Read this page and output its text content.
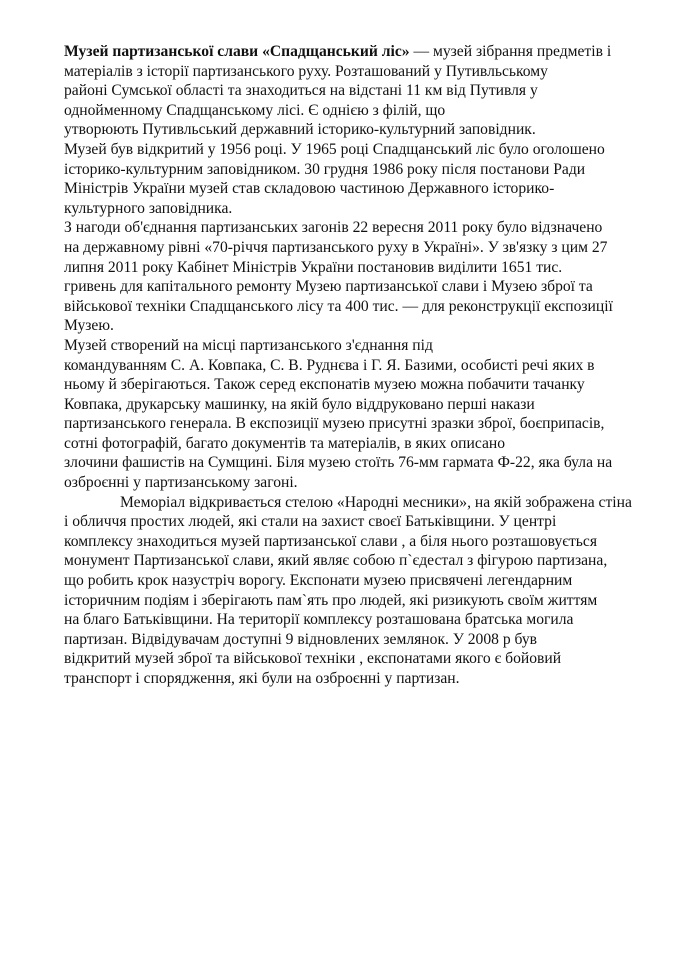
Музей партизанської слави «Спадщанський ліс» — музей зібрання предметів і
матеріалів з історії партизанського руху. Розташований у Путивльському
районі Сумської області та знаходиться на відстані 11 км від Путивля у
однойменному Спадщанському лісі. Є однією з філій, що
утворюють Путивльський державний історико-культурний заповідник.
Музей був відкритий у 1956 році. У 1965 році Спадщанський ліс було оголошено
історико-культурним заповідником. 30 грудня 1986 року після постанови Ради
Міністрів України музей став складовою частиною Державного історико-
культурного заповідника.
З нагоди об'єднання партизанських загонів 22 вересня 2011 року було відзначено
на державному рівні «70-річчя партизанського руху в Україні». У зв'язку з цим 27
липня 2011 року Кабінет Міністрів України постановив виділити 1651 тис.
гривень для капітального ремонту Музею партизанської слави і Музею зброї та
військової техніки Спадщанського лісу та 400 тис. — для реконструкції експозиції
Музею.
Музей створений на місці партизанського з'єднання під
командуванням С. А. Ковпака, С. В. Руднєва і Г. Я. Базими, особисті речі яких в
ньому й зберігаються. Також серед експонатів музею можна побачити тачанку
Ковпака, друкарську машинку, на якій було віддруковано перші накази
партизанського генерала. В експозиції музею присутні зразки зброї, боєприпасів,
сотні фотографій, багато документів та матеріалів, в яких описано
злочини фашистів на Сумщині. Біля музею стоїть 76-мм гармата Ф-22, яка була на
озброєнні у партизанському загоні.
Меморіал відкривається стелою «Народні месники», на якій зображена стіна
і обличчя простих людей, які стали на захист своєї Батьківщини. У центрі
комплексу знаходиться музей партизанської слави , а біля нього розташовується
монумент Партизанської слави, який являє собою п`єдестал з фігурою партизана,
що робить крок назустріч ворогу. Експонати музею присвячені легендарним
історичним подіям і зберігають пам`ять про людей, які ризикують своїм життям
на благо Батьківщини. На території комплексу розташована братська могила
партизан. Відвідувачам доступні 9 відновлених землянок. У 2008 р був
відкритий музей зброї та військової техніки , експонатами якого є бойовий
транспорт і спорядження, які були на озброєнні у партизан.
